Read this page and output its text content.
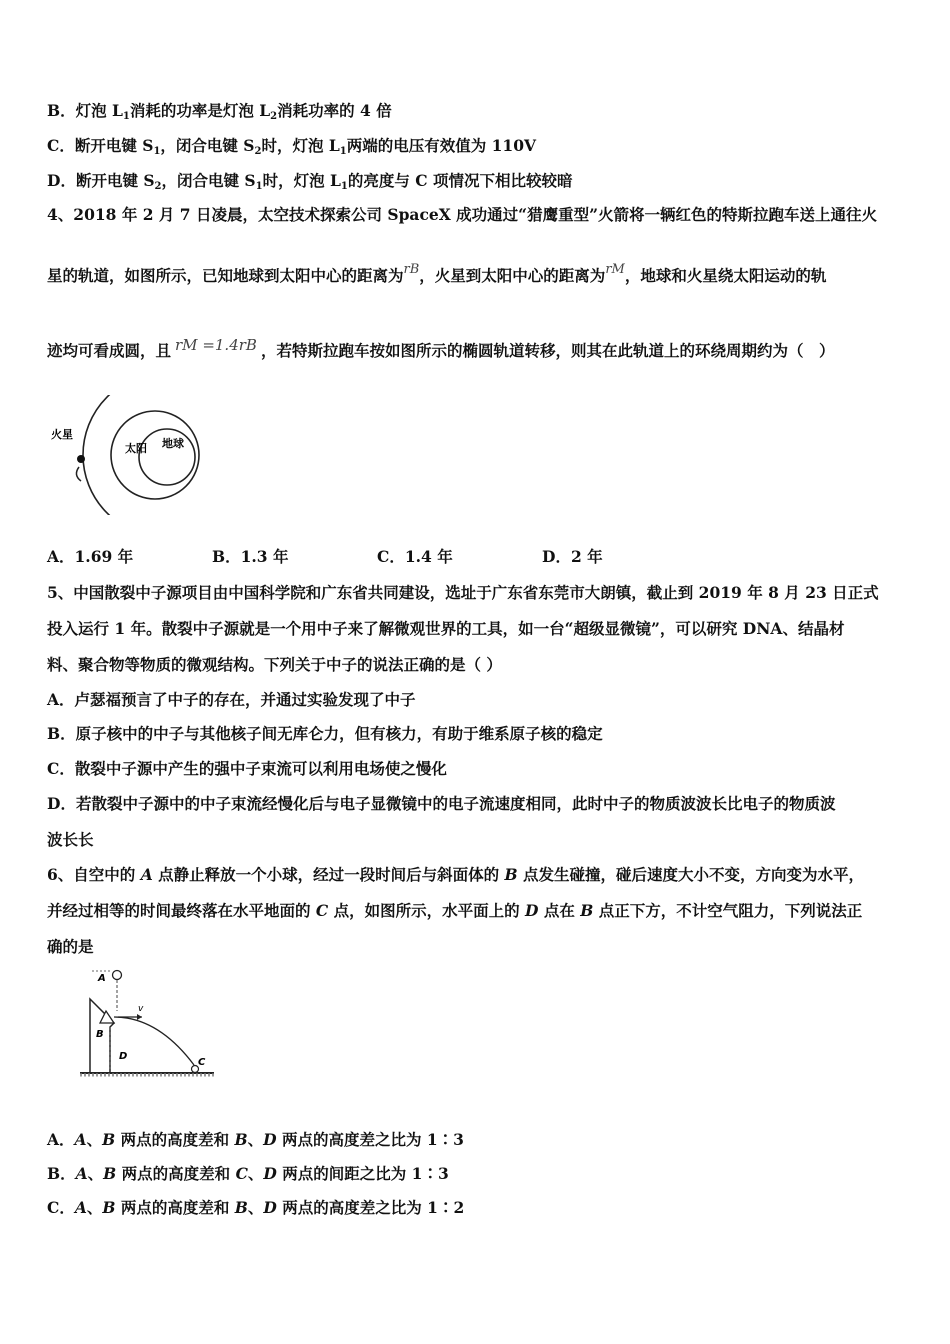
B．灯泡 $L_1$消耗的功率是灯泡 $L_2$消耗功率的 4 倍
C．断开电键 $S_1$，闭合电键 $S_2$时，灯泡 $L_1$两端的电压有效值为 110V
D．断开电键 $S_2$，闭合电键 $S_1$时，灯泡 $L_1$的亮度与 C 项情况下相比较较暗
4、2018 年 2 月 7 日凌晨，太空技术探索公司 SpaceX 成功通过“猎鹰重型”火箭将一辆红色的特斯拉跑车送上通往火
星的轨道，如图所示，已知地球到太阳中心的距离为$^{rB}$，火星到太阳中心的距离为$^{rM}$，地球和火星绕太阳运动的轨
迹均可看成圆，且 rM =1.4rB ，若特斯拉跑车按如图所示的椭圆轨道转移，则其在此轨道上的环绕周期约为（　）
火星
太阳 地球
A．1.69 年	B．1.3 年	C．1.4 年	D．2 年
5、中国散裂中子源项目由中国科学院和广东省共同建设，选址于广东省东莞市大朗镇，截止到 2019 年 8 月 23 日正式
投入运行 1 年。散裂中子源就是一个用中子来了解微观世界的工具，如一台“超级显微镜”，可以研究 DNA、结晶材
料、聚合物等物质的微观结构。下列关于中子的说法正确的是（ ）
A．卢瑟福预言了中子的存在，并通过实验发现了中子
B．原子核中的中子与其他核子间无库仑力，但有核力，有助于维系原子核的稳定
C．散裂中子源中产生的强中子束流可以利用电场使之慢化
D．若散裂中子源中的中子束流经慢化后与电子显微镜中的电子流速度相同，此时中子的物质波波长比电子的物质波
波长长
6、自空中的 A 点静止释放一个小球，经过一段时间后与斜面体的 B 点发生碰撞，碰后速度大小不变，方向变为水平，
并经过相等的时间最终落在水平地面的 C 点，如图所示，水平面上的 D 点在 B 点正下方，不计空气阻力，下列说法正
确的是
A
B
D
C
v
A．A、B 两点的高度差和 B、D 两点的高度差之比为 1∶3
B．A、B 两点的高度差和 C、D 两点的间距之比为 1∶3
C．A、B 两点的高度差和 B、D 两点的高度差之比为 1∶2
